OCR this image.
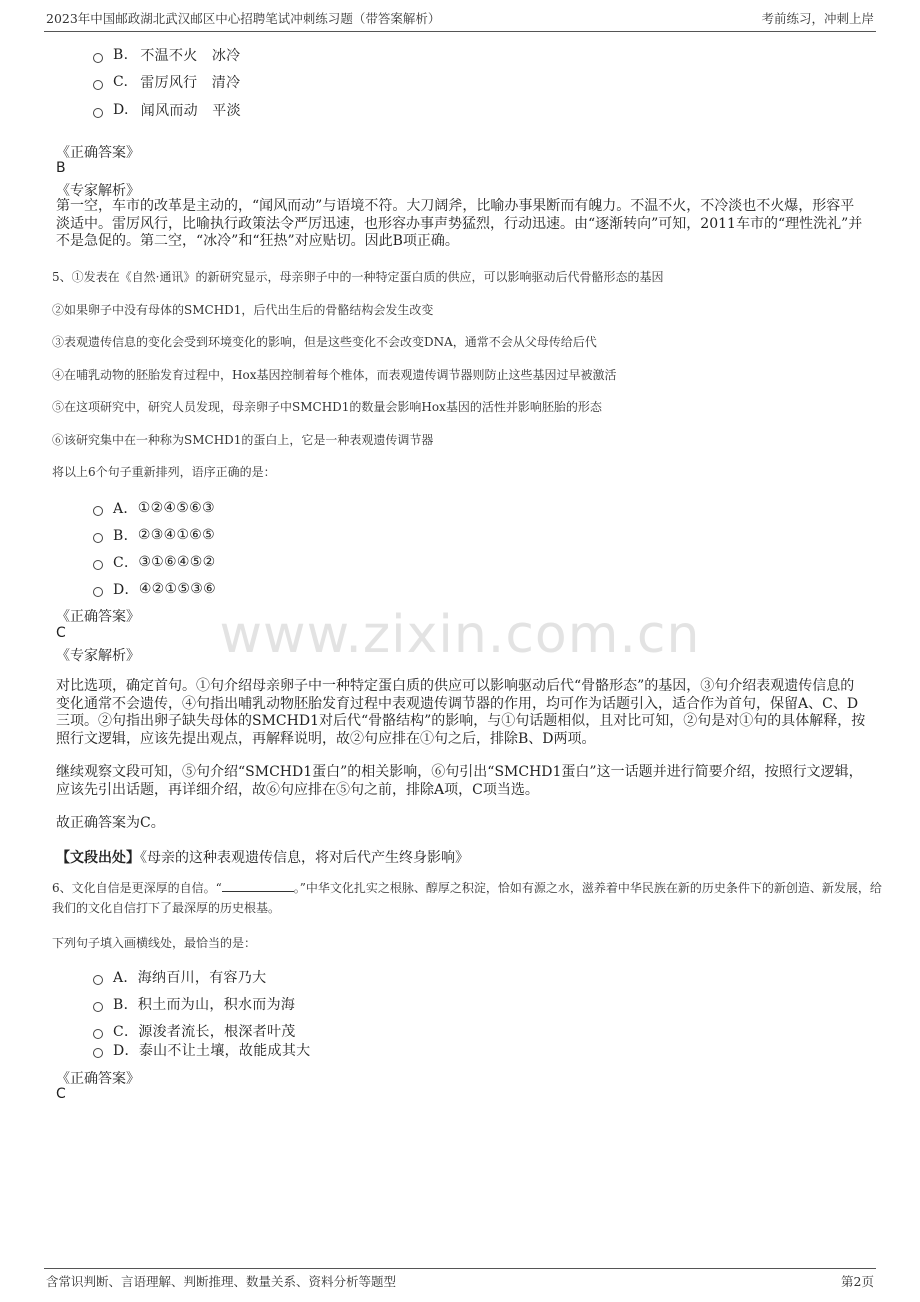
2023年中国邮政湖北武汉邮区中心招聘笔试冲刺练习题（带答案解析）	考前练习，冲刺上岸
www.zixin.com.cn
B. 不温不火　冰冷
C. 雷厉风行　清冷
D. 闻风而动　平淡
《正确答案》
B
《专家解析》
第一空，车市的改革是主动的，“闻风而动”与语境不符。大刀阔斧，比喻办事果断而有魄力。不温不火，不冷淡也不火爆，形容平淡适中。雷厉风行，比喻执行政策法令严厉迅速，也形容办事声势猛烈，行动迅速。由“逐渐转向”可知，2011车市的“理性洗礼”并不是急促的。第二空，“冰冷”和“狂热”对应贴切。因此B项正确。
5、①发表在《自然·通讯》的新研究显示，母亲卵子中的一种特定蛋白质的供应，可以影响驱动后代骨骼形态的基因
②如果卵子中没有母体的SMCHD1，后代出生后的骨骼结构会发生改变
③表观遗传信息的变化会受到环境变化的影响，但是这些变化不会改变DNA，通常不会从父母传给后代
④在哺乳动物的胚胎发育过程中，Hox基因控制着每个椎体，而表观遗传调节器则防止这些基因过早被激活
⑤在这项研究中，研究人员发现，母亲卵子中SMCHD1的数量会影响Hox基因的活性并影响胚胎的形态
⑥该研究集中在一种称为SMCHD1的蛋白上，它是一种表观遗传调节器
将以上6个句子重新排列，语序正确的是：
A． ①②④⑤⑥③
B． ②③④①⑥⑤
C． ③①⑥④⑤②
D． ④②①⑤③⑥
《正确答案》
C
《专家解析》
对比选项，确定首句。①句介绍母亲卵子中一种特定蛋白质的供应可以影响驱动后代“骨骼形态”的基因，③句介绍表观遗传信息的变化通常不会遗传，④句指出哺乳动物胚胎发育过程中表观遗传调节器的作用，均可作为话题引入，适合作为首句，保留A、C、D三项。②句指出卵子缺失母体的SMCHD1对后代“骨骼结构”的影响，与①句话题相似，且对比可知，②句是对①句的具体解释，按照行文逻辑，应该先提出观点，再解释说明，故②句应排在①句之后，排除B、D两项。
继续观察文段可知，⑤句介绍“SMCHD1蛋白”的相关影响，⑥句引出“SMCHD1蛋白”这一话题并进行简要介绍，按照行文逻辑，应该先引出话题，再详细介绍，故⑥句应排在⑤句之前，排除A项，C项当选。
故正确答案为C。
【文段出处】《母亲的这种表观遗传信息，将对后代产生终身影响》
6、文化自信是更深厚的自信。“	。”中华文化扎实之根脉、醇厚之积淀，恰如有源之水，滋养着中华民族在新的历史条件下的新创造、新发展，给我们的文化自信打下了最深厚的历史根基。
下列句子填入画横线处，最恰当的是：
A． 海纳百川，有容乃大
B． 积土而为山，积水而为海
C． 源浚者流长，根深者叶茂
D． 泰山不让土壤，故能成其大
《正确答案》
C
含常识判断、言语理解、判断推理、数量关系、资料分析等题型	第2页
